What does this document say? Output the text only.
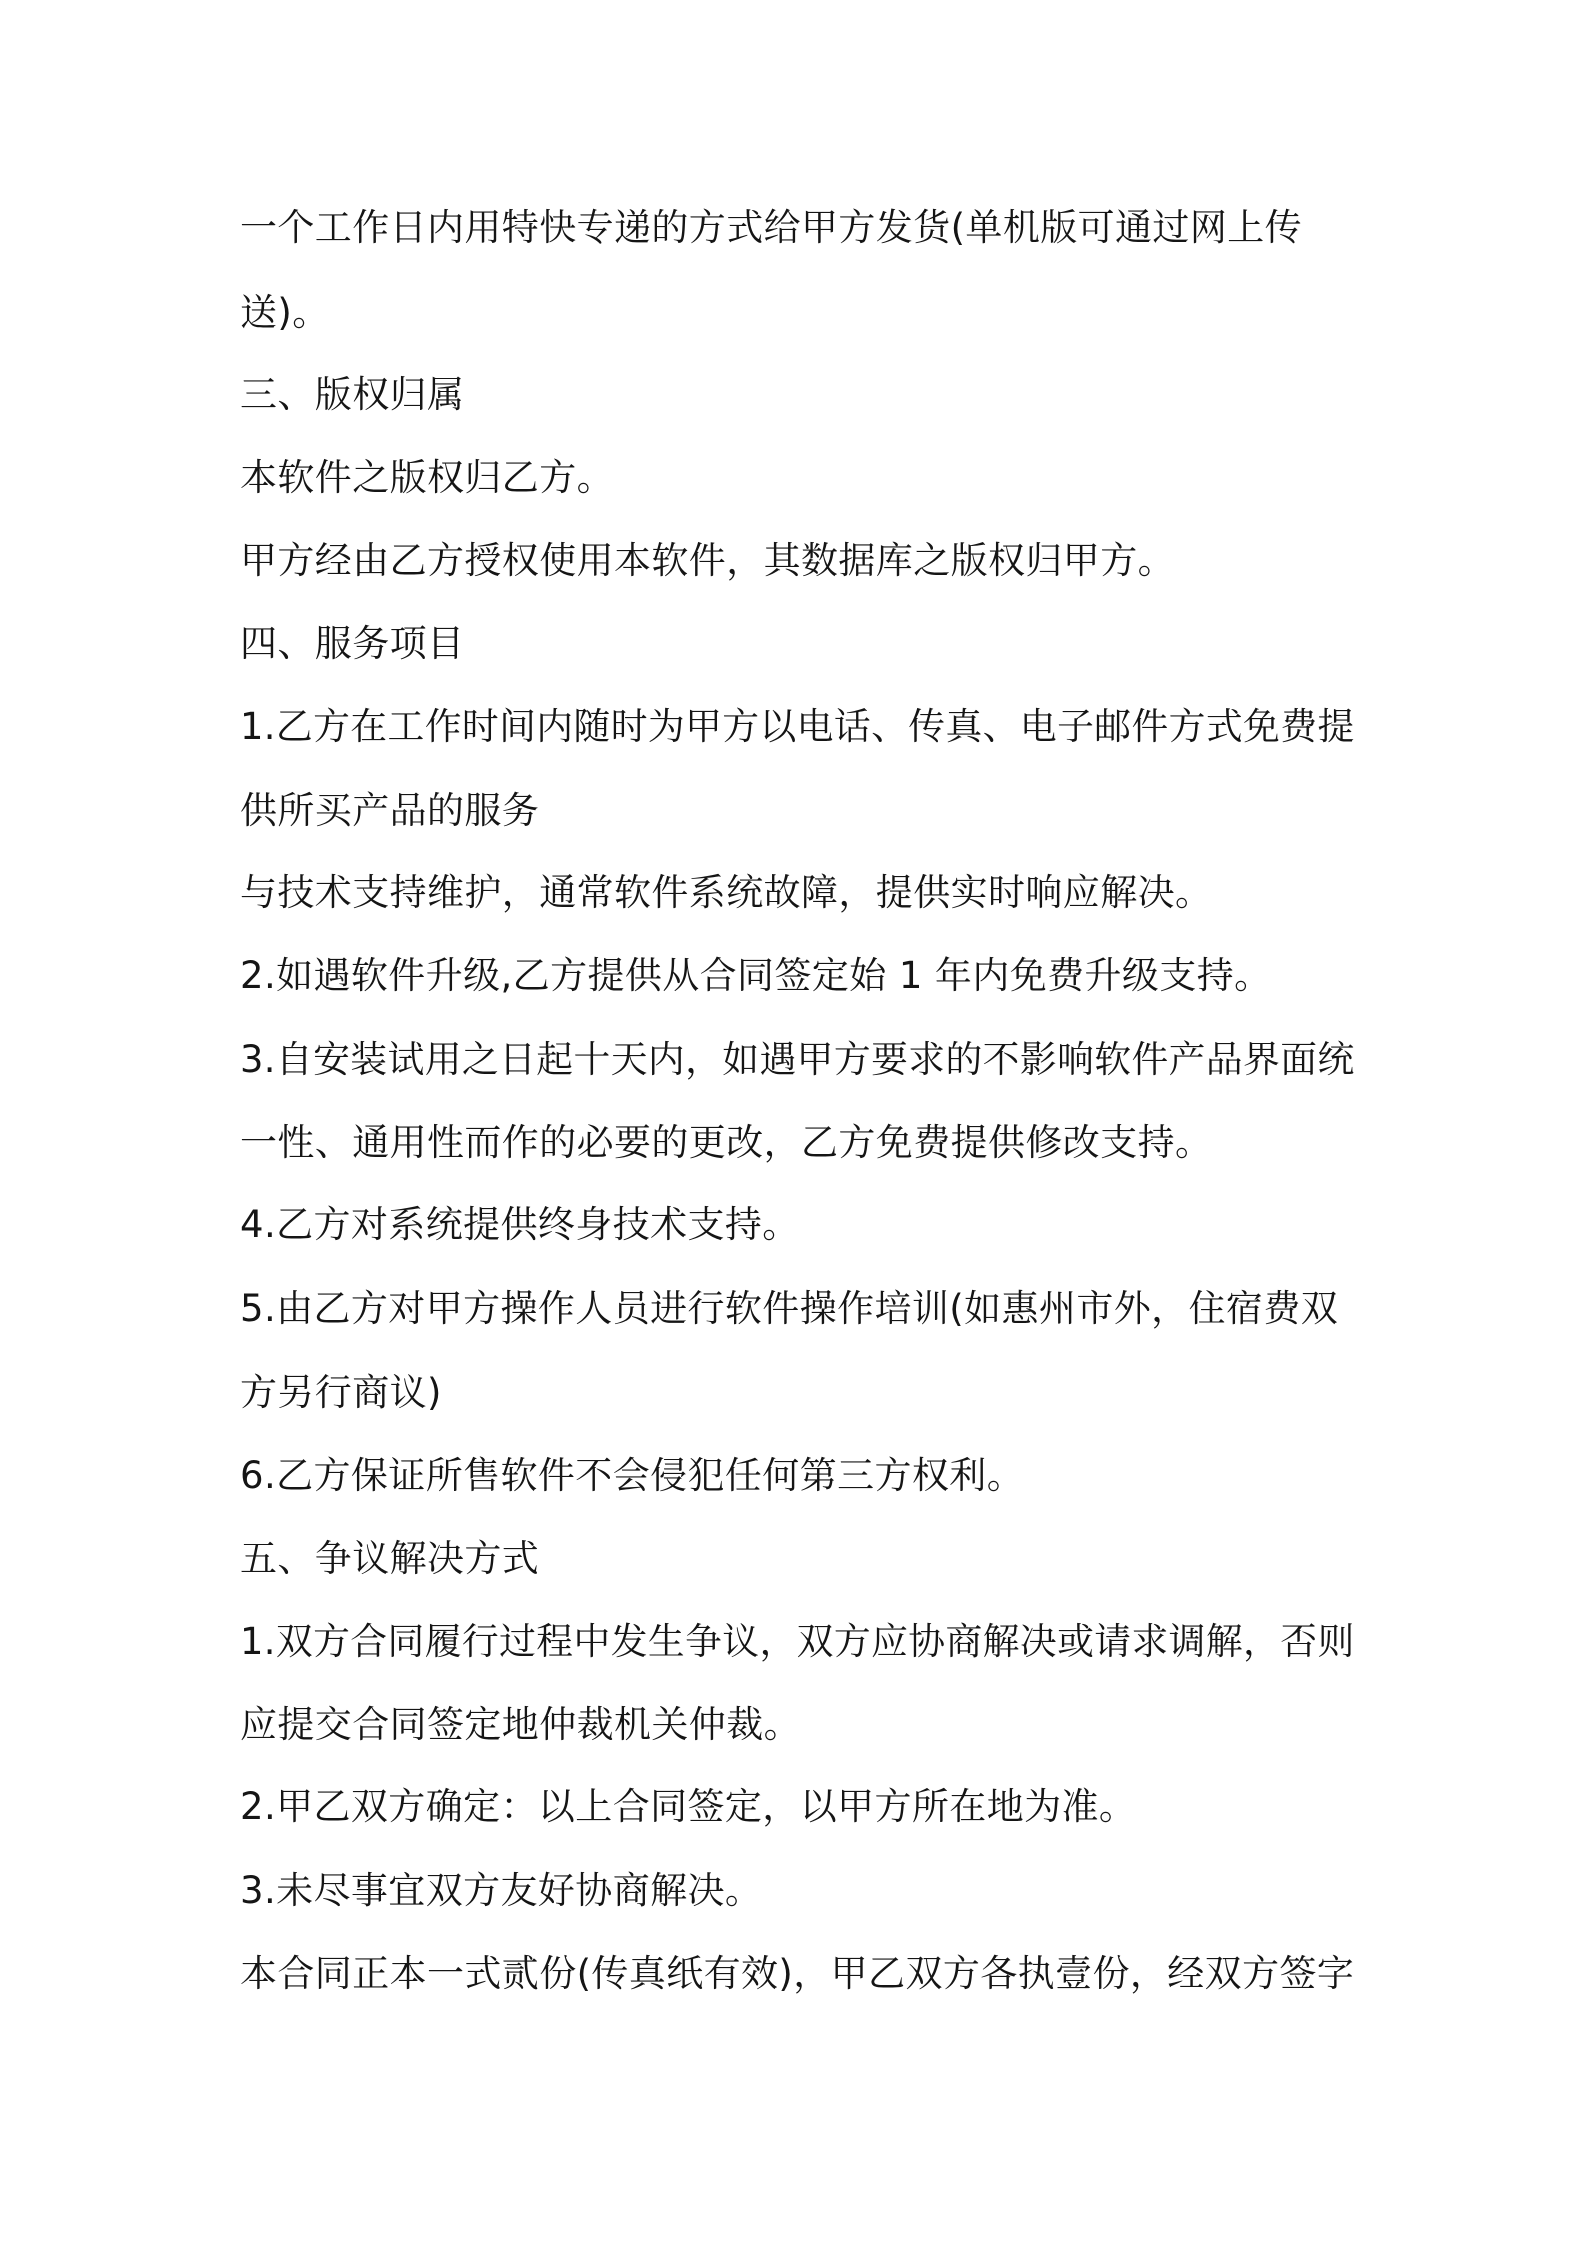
一个工作日内用特快专递的方式给甲方发货(单机版可通过网上传

送)。

三、版权归属

本软件之版权归乙方。

甲方经由乙方授权使用本软件，其数据库之版权归甲方。

四、服务项目

1.乙方在工作时间内随时为甲方以电话、传真、电子邮件方式免费提

供所买产品的服务

与技术支持维护，通常软件系统故障，提供实时响应解决。

2.如遇软件升级,乙方提供从合同签定始 1 年内免费升级支持。

3.自安装试用之日起十天内，如遇甲方要求的不影响软件产品界面统

一性、通用性而作的必要的更改，乙方免费提供修改支持。

4.乙方对系统提供终身技术支持。

5.由乙方对甲方操作人员进行软件操作培训(如惠州市外，住宿费双

方另行商议)

6.乙方保证所售软件不会侵犯任何第三方权利。

五、争议解决方式

1.双方合同履行过程中发生争议，双方应协商解决或请求调解，否则

应提交合同签定地仲裁机关仲裁。

2.甲乙双方确定：以上合同签定，以甲方所在地为准。

3.未尽事宜双方友好协商解决。

本合同正本一式贰份(传真纸有效)，甲乙双方各执壹份，经双方签字
